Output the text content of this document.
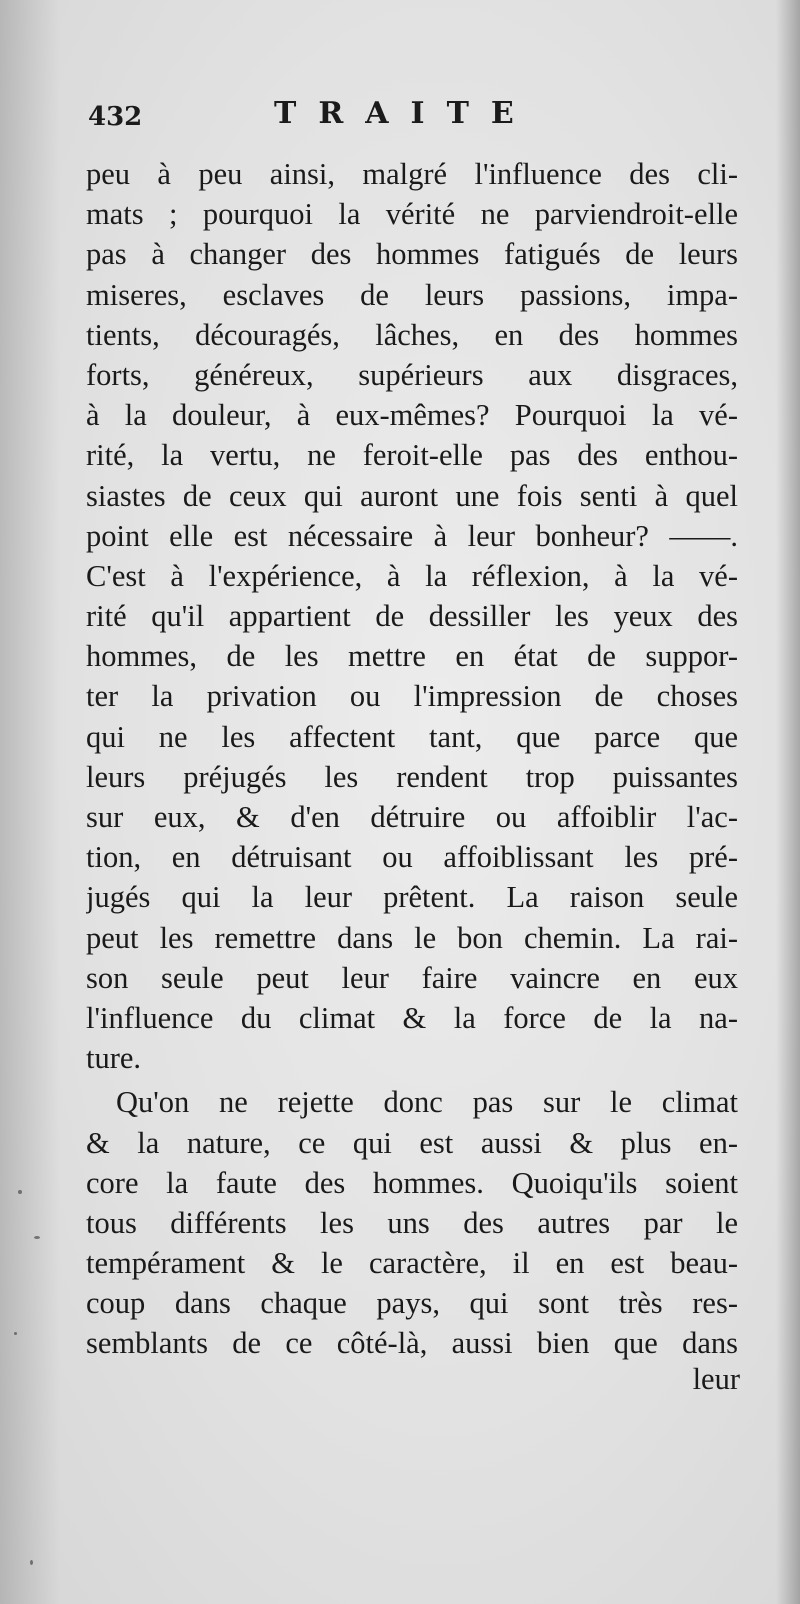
432	TRAITE
peu à peu ainsi, malgré l'influence des cli-
mats ; pourquoi la vérité ne parviendroit-elle
pas à changer des hommes fatigués de leurs
miseres, esclaves de leurs passions, impa-
tients, découragés, lâches, en des hommes
forts, généreux, supérieurs aux disgraces,
à la douleur, à eux-mêmes? Pourquoi la vé-
rité, la vertu, ne feroit-elle pas des enthou-
siastes de ceux qui auront une fois senti à quel
point elle est nécessaire à leur bonheur? ——.
C'est à l'expérience, à la réflexion, à la vé-
rité qu'il appartient de dessiller les yeux des
hommes, de les mettre en état de suppor-
ter la privation ou l'impression de choses
qui ne les affectent tant, que parce que
leurs préjugés les rendent trop puissantes
sur eux, & d'en détruire ou affoiblir l'ac-
tion, en détruisant ou affoiblissant les pré-
jugés qui la leur prêtent. La raison seule
peut les remettre dans le bon chemin. La rai-
son seule peut leur faire vaincre en eux
l'influence du climat & la force de la na-
ture.
Qu'on ne rejette donc pas sur le climat
& la nature, ce qui est aussi & plus en-
core la faute des hommes. Quoiqu'ils soient
tous différents les uns des autres par le
tempérament & le caractère, il en est beau-
coup dans chaque pays, qui sont très res-
semblants de ce côté-là, aussi bien que dans
leur
